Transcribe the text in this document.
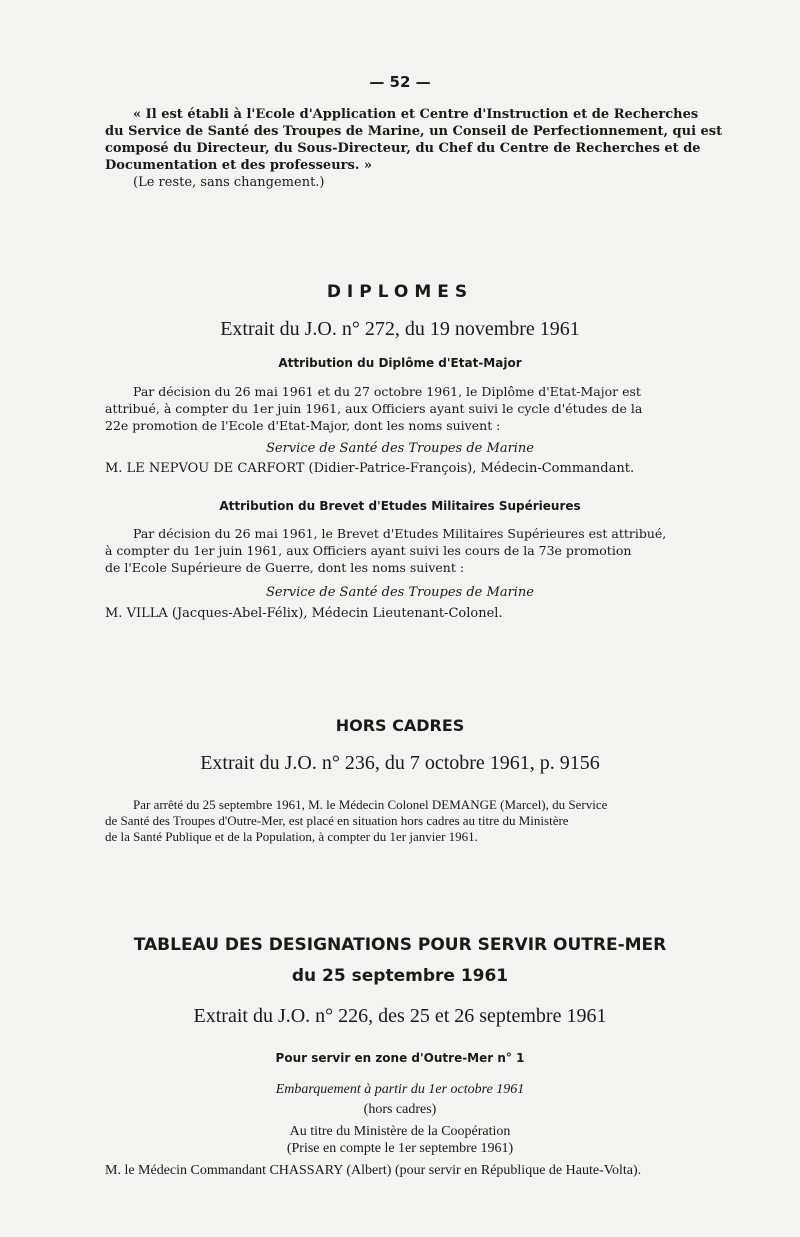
— 52 —
« Il est établi à l'Ecole d'Application et Centre d'Instruction et de Recherches
du Service de Santé des Troupes de Marine, un Conseil de Perfectionnement, qui est
composé du Directeur, du Sous-Directeur, du Chef du Centre de Recherches et de
Documentation et des professeurs. »
(Le reste, sans changement.)
DIPLOMES
Extrait du J.O. n° 272, du 19 novembre 1961
Attribution du Diplôme d'Etat-Major
Par décision du 26 mai 1961 et du 27 octobre 1961, le Diplôme d'Etat-Major est
attribué, à compter du 1er juin 1961, aux Officiers ayant suivi le cycle d'études de la
22e promotion de l'Ecole d'Etat-Major, dont les noms suivent :
Service de Santé des Troupes de Marine
M. LE NEPVOU DE CARFORT (Didier-Patrice-François), Médecin-Commandant.
Attribution du Brevet d'Etudes Militaires Supérieures
Par décision du 26 mai 1961, le Brevet d'Etudes Militaires Supérieures est attribué,
à compter du 1er juin 1961, aux Officiers ayant suivi les cours de la 73e promotion
de l'Ecole Supérieure de Guerre, dont les noms suivent :
Service de Santé des Troupes de Marine
M. VILLA (Jacques-Abel-Félix), Médecin Lieutenant-Colonel.
HORS CADRES
Extrait du J.O. n° 236, du 7 octobre 1961, p. 9156
Par arrêté du 25 septembre 1961, M. le Médecin Colonel DEMANGE (Marcel), du Service
de Santé des Troupes d'Outre-Mer, est placé en situation hors cadres au titre du Ministère
de la Santé Publique et de la Population, à compter du 1er janvier 1961.
TABLEAU DES DESIGNATIONS POUR SERVIR OUTRE-MER
du 25 septembre 1961
Extrait du J.O. n° 226, des 25 et 26 septembre 1961
Pour servir en zone d'Outre-Mer n° 1
Embarquement à partir du 1er octobre 1961
(hors cadres)
Au titre du Ministère de la Coopération
(Prise en compte le 1er septembre 1961)
M. le Médecin Commandant CHASSARY (Albert) (pour servir en République de Haute-Volta).
